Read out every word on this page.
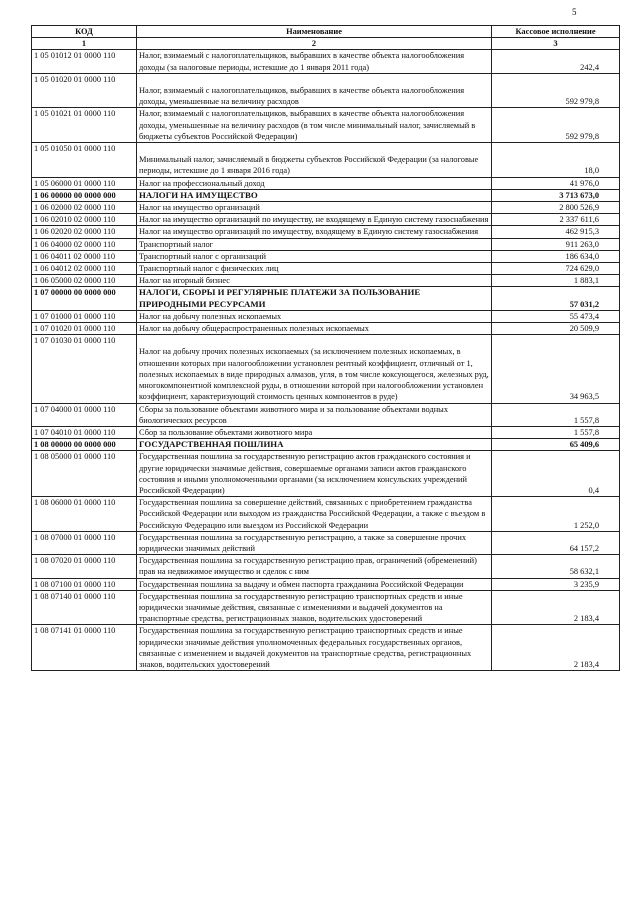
5
КОД	Наименование	Кассовое исполнение
1	2	3
1 05 01012 01 0000 110	Налог, взимаемый с налогоплательщиков, выбравших в качестве объекта налогообложения доходы (за налоговые периоды, истекшие до 1 января 2011 года)	242,4
1 05 01020 01 0000 110	Налог, взимаемый с налогоплательщиков, выбравших в качестве объекта налогообложения доходы, уменьшенные на величину расходов	592 979,8
1 05 01021 01 0000 110	Налог, взимаемый с налогоплательщиков, выбравших в качестве объекта налогообложения доходы, уменьшенные на величину расходов (в том числе минимальный налог, зачисляемый в бюджеты субъектов Российской Федерации)	592 979,8
1 05 01050 01 0000 110	Минимальный налог, зачисляемый в бюджеты субъектов Российской Федерации (за налоговые периоды, истекшие до 1 января 2016 года)	18,0
1 05 06000 01 0000 110	Налог на профессиональный доход	41 976,0
1 06 00000 00 0000 000	НАЛОГИ НА ИМУЩЕСТВО	3 713 673,0
1 06 02000 02 0000 110	Налог на имущество организаций	2 800 526,9
1 06 02010 02 0000 110	Налог на имущество организаций по имуществу, не входящему в Единую систему газоснабжения	2 337 611,6
1 06 02020 02 0000 110	Налог на имущество организаций по имуществу, входящему в Единую систему газоснабжения	462 915,3
1 06 04000 02 0000 110	Транспортный налог	911 263,0
1 06 04011 02 0000 110	Транспортный налог с организаций	186 634,0
1 06 04012 02 0000 110	Транспортный налог с физических лиц	724 629,0
1 06 05000 02 0000 110	Налог на игорный бизнес	1 883,1
1 07 00000 00 0000 000	НАЛОГИ, СБОРЫ И РЕГУЛЯРНЫЕ ПЛАТЕЖИ ЗА ПОЛЬЗОВАНИЕ ПРИРОДНЫМИ РЕСУРСАМИ	57 031,2
1 07 01000 01 0000 110	Налог на добычу полезных ископаемых	55 473,4
1 07 01020 01 0000 110	Налог на добычу общераспространенных полезных ископаемых	20 509,9
1 07 01030 01 0000 110	Налог на добычу прочих полезных ископаемых (за исключением полезных ископаемых, в отношении которых при налогообложении установлен рентный коэффициент, отличный от 1, полезных ископаемых в виде природных алмазов, угля, в том числе коксующегося, железных руд, многокомпонентной комплексной руды, в отношении которой при налогообложении установлен коэффициент, характеризующий стоимость ценных компонентов в руде)	34 963,5
1 07 04000 01 0000 110	Сборы за пользование объектами животного мира и за пользование объектами водных биологических ресурсов	1 557,8
1 07 04010 01 0000 110	Сбор за пользование объектами животного мира	1 557,8
1 08 00000 00 0000 000	ГОСУДАРСТВЕННАЯ ПОШЛИНА	65 409,6
1 08 05000 01 0000 110	Государственная пошлина за государственную регистрацию актов гражданского состояния и другие юридически значимые действия, совершаемые органами записи актов гражданского состояния и иными уполномоченными органами (за исключением консульских учреждений Российской Федерации)	0,4
1 08 06000 01 0000 110	Государственная пошлина за совершение действий, связанных с приобретением гражданства Российской Федерации или выходом из гражданства Российской Федерации, а также с въездом в Российскую Федерацию или выездом из Российской Федерации	1 252,0
1 08 07000 01 0000 110	Государственная пошлина за государственную регистрацию, а также за совершение прочих юридически значимых действий	64 157,2
1 08 07020 01 0000 110	Государственная пошлина за государственную регистрацию прав, ограничений (обременений) прав на недвижимое имущество и сделок с ним	58 632,1
1 08 07100 01 0000 110	Государственная пошлина за выдачу и обмен паспорта гражданина Российской Федерации	3 235,9
1 08 07140 01 0000 110	Государственная пошлина за государственную регистрацию транспортных средств и иные юридически значимые действия, связанные с изменениями и выдачей документов на транспортные средства, регистрационных знаков, водительских удостоверений	2 183,4
1 08 07141 01 0000 110	Государственная пошлина за государственную регистрацию транспортных средств и иные юридически значимые действия уполномоченных федеральных государственных органов, связанные с изменением и выдачей документов на транспортные средства, регистрационных знаков, водительских удостоверений	2 183,4
